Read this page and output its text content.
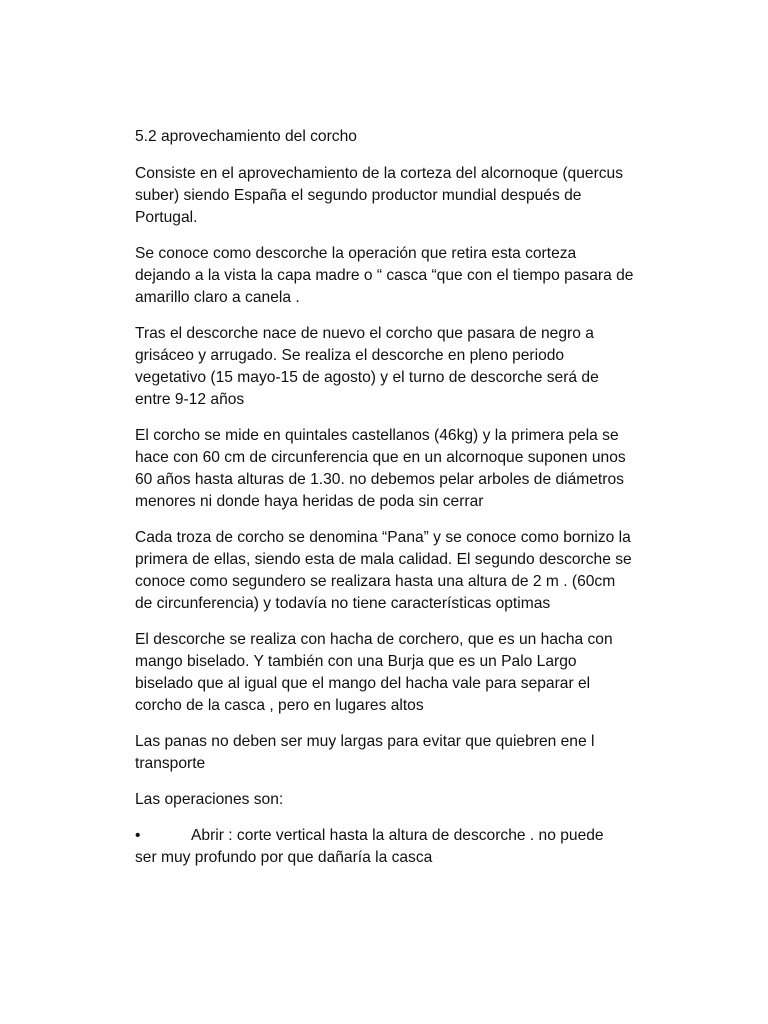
5.2 aprovechamiento del corcho

Consiste en el aprovechamiento de la corteza del alcornoque (quercus suber) siendo España el segundo productor mundial después de Portugal.

Se conoce como descorche la operación que retira esta corteza dejando a la vista la capa madre o “ casca “que con el tiempo pasara de amarillo claro a canela .

Tras el descorche nace de nuevo el corcho que pasara de negro a grisáceo y arrugado. Se realiza el descorche en pleno periodo vegetativo (15 mayo-15 de agosto) y el turno de descorche será de entre 9-12 años

El corcho se mide en quintales castellanos (46kg) y la primera pela se hace con 60 cm de circunferencia que en un alcornoque suponen unos 60 años hasta alturas de 1.30. no debemos pelar arboles de diámetros menores ni donde haya heridas de poda sin cerrar

Cada troza de corcho se denomina “Pana” y se conoce como bornizo la primera de ellas, siendo esta de mala calidad. El segundo descorche se conoce como segundero se realizara hasta una altura de 2 m . (60cm de circunferencia) y todavía no tiene características optimas

El descorche se realiza con hacha de corchero, que es un hacha con mango biselado. Y también con una Burja que es un Palo Largo biselado que al igual que el mango del hacha vale para separar el corcho de la casca , pero en lugares altos

Las panas no deben ser muy largas para evitar que quiebren ene l transporte

Las operaciones son:

•	Abrir : corte vertical hasta la altura de descorche . no puede

ser muy profundo por que dañaría la casca
